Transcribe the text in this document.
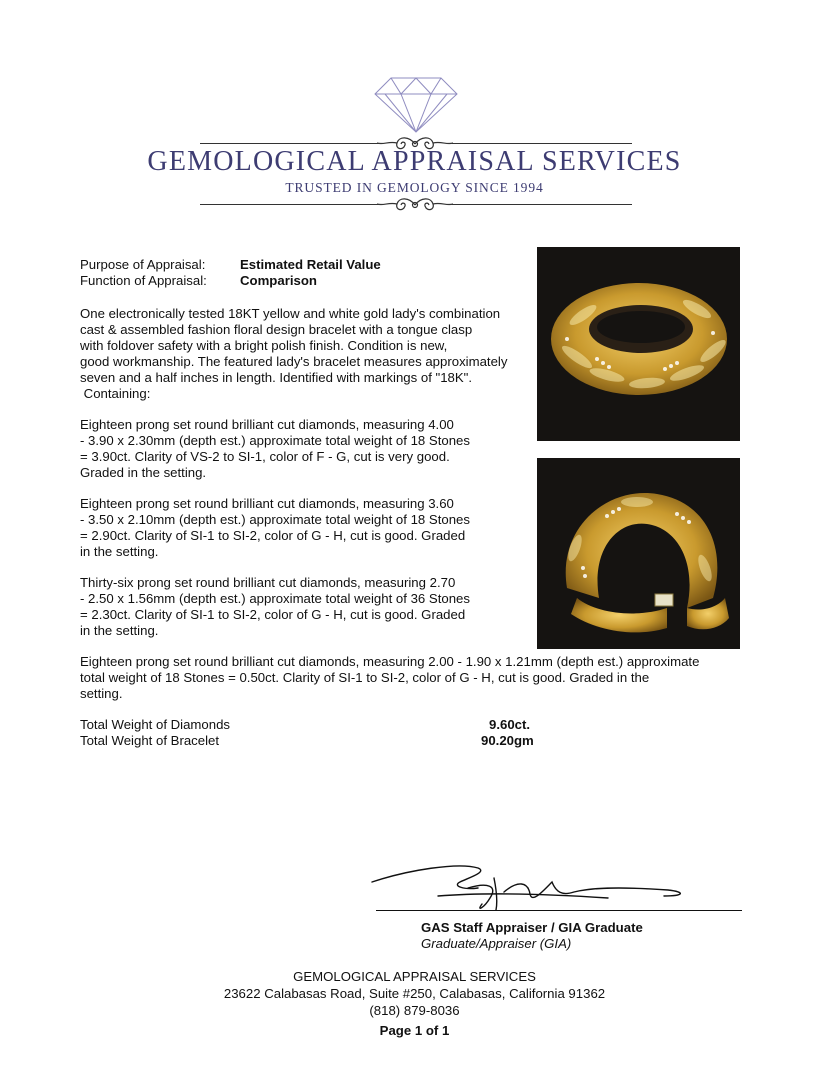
GEMOLOGICAL APPRAISAL SERVICES
TRUSTED IN GEMOLOGY SINCE 1994
Purpose of Appraisal:	Estimated Retail Value
Function of Appraisal:	Comparison
One electronically tested 18KT yellow and white gold lady's combination
cast & assembled fashion floral design bracelet with a tongue clasp
with foldover safety with a bright polish finish. Condition is new,
good workmanship. The featured lady's bracelet measures approximately
seven and a half inches in length. Identified with markings of "18K".
Containing:
Eighteen prong set round brilliant cut diamonds, measuring 4.00
- 3.90 x 2.30mm (depth est.) approximate total weight of 18 Stones
= 3.90ct. Clarity of VS-2 to SI-1, color of F - G, cut is very good.
Graded in the setting.
Eighteen prong set round brilliant cut diamonds, measuring 3.60
- 3.50 x 2.10mm (depth est.) approximate total weight of 18 Stones
= 2.90ct. Clarity of SI-1 to SI-2, color of G - H, cut is good. Graded
in the setting.
Thirty-six prong set round brilliant cut diamonds, measuring 2.70
- 2.50 x 1.56mm (depth est.) approximate total weight of 36 Stones
= 2.30ct. Clarity of SI-1 to SI-2, color of G - H, cut is good. Graded
in the setting.
Eighteen prong set round brilliant cut diamonds, measuring 2.00 - 1.90 x 1.21mm (depth est.) approximate
total weight of 18 Stones = 0.50ct. Clarity of SI-1 to SI-2, color of G - H, cut is good. Graded in the
setting.
Total Weight of Diamonds	9.60ct.
Total Weight of Bracelet	90.20gm
GAS Staff Appraiser / GIA Graduate
Graduate/Appraiser (GIA)
GEMOLOGICAL APPRAISAL SERVICES
23622 Calabasas Road, Suite #250, Calabasas, California 91362
(818) 879-8036
Page 1 of 1
